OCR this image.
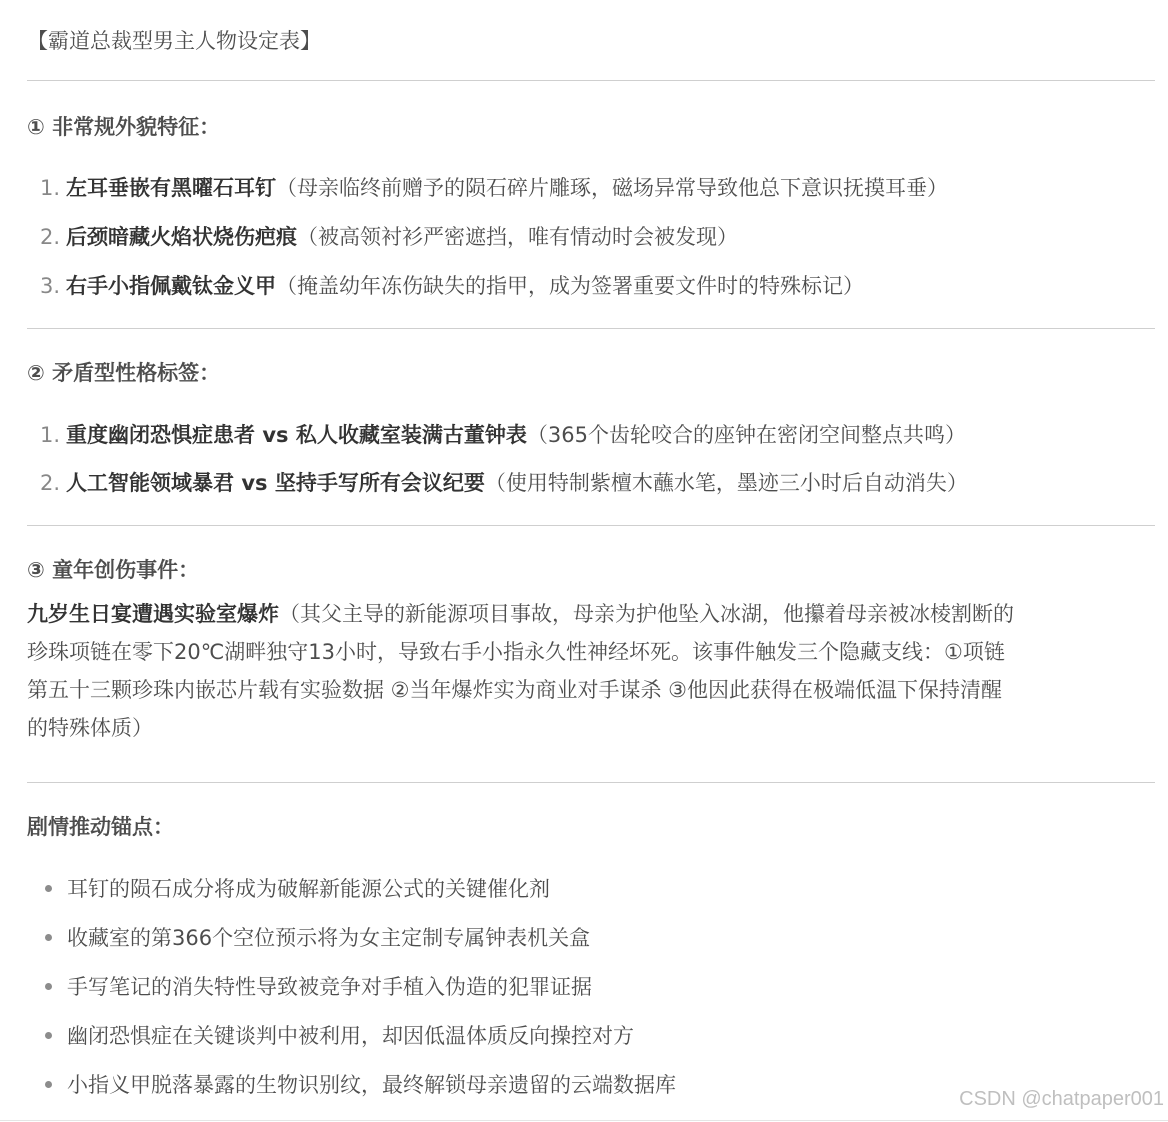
【霸道总裁型男主人物设定表】
① 非常规外貌特征：
1. 左耳垂嵌有黑曜石耳钉（母亲临终前赠予的陨石碎片雕琢，磁场异常导致他总下意识抚摸耳垂）
2. 后颈暗藏火焰状烧伤疤痕（被高领衬衫严密遮挡，唯有情动时会被发现）
3. 右手小指佩戴钛金义甲（掩盖幼年冻伤缺失的指甲，成为签署重要文件时的特殊标记）
② 矛盾型性格标签：
1. 重度幽闭恐惧症患者 vs 私人收藏室装满古董钟表（365个齿轮咬合的座钟在密闭空间整点共鸣）
2. 人工智能领域暴君 vs 坚持手写所有会议纪要（使用特制紫檀木蘸水笔，墨迹三小时后自动消失）
③ 童年创伤事件：
九岁生日宴遭遇实验室爆炸（其父主导的新能源项目事故，母亲为护他坠入冰湖，他攥着母亲被冰棱割断的
珍珠项链在零下20℃湖畔独守13小时，导致右手小指永久性神经坏死。该事件触发三个隐藏支线：①项链
第五十三颗珍珠内嵌芯片载有实验数据 ②当年爆炸实为商业对手谋杀 ③他因此获得在极端低温下保持清醒
的特殊体质）
剧情推动锚点：
耳钉的陨石成分将成为破解新能源公式的关键催化剂
收藏室的第366个空位预示将为女主定制专属钟表机关盒
手写笔记的消失特性导致被竞争对手植入伪造的犯罪证据
幽闭恐惧症在关键谈判中被利用，却因低温体质反向操控对方
小指义甲脱落暴露的生物识别纹，最终解锁母亲遗留的云端数据库
CSDN @chatpaper001
